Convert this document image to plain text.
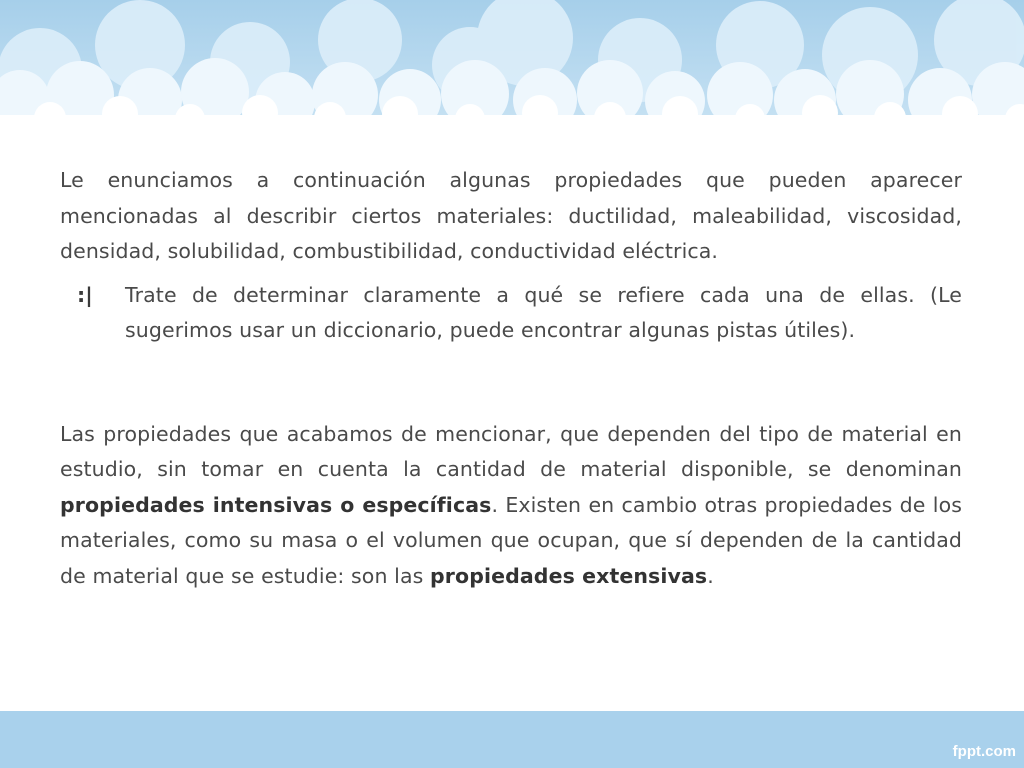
Le enunciamos a continuación algunas propiedades que pueden aparecer mencionadas al describir ciertos materiales: ductilidad, maleabilidad, viscosidad, densidad, solubilidad, combustibilidad, conductividad eléctrica.

:| Trate de determinar claramente a qué se refiere cada una de ellas. (Le sugerimos usar un diccionario, puede encontrar algunas pistas útiles).

Las propiedades que acabamos de mencionar, que dependen del tipo de material en estudio, sin tomar en cuenta la cantidad de material disponible, se denominan propiedades intensivas o específicas. Existen en cambio otras propiedades de los materiales, como su masa o el volumen que ocupan, que sí dependen de la cantidad de material que se estudie: son las propiedades extensivas.

fppt.com
